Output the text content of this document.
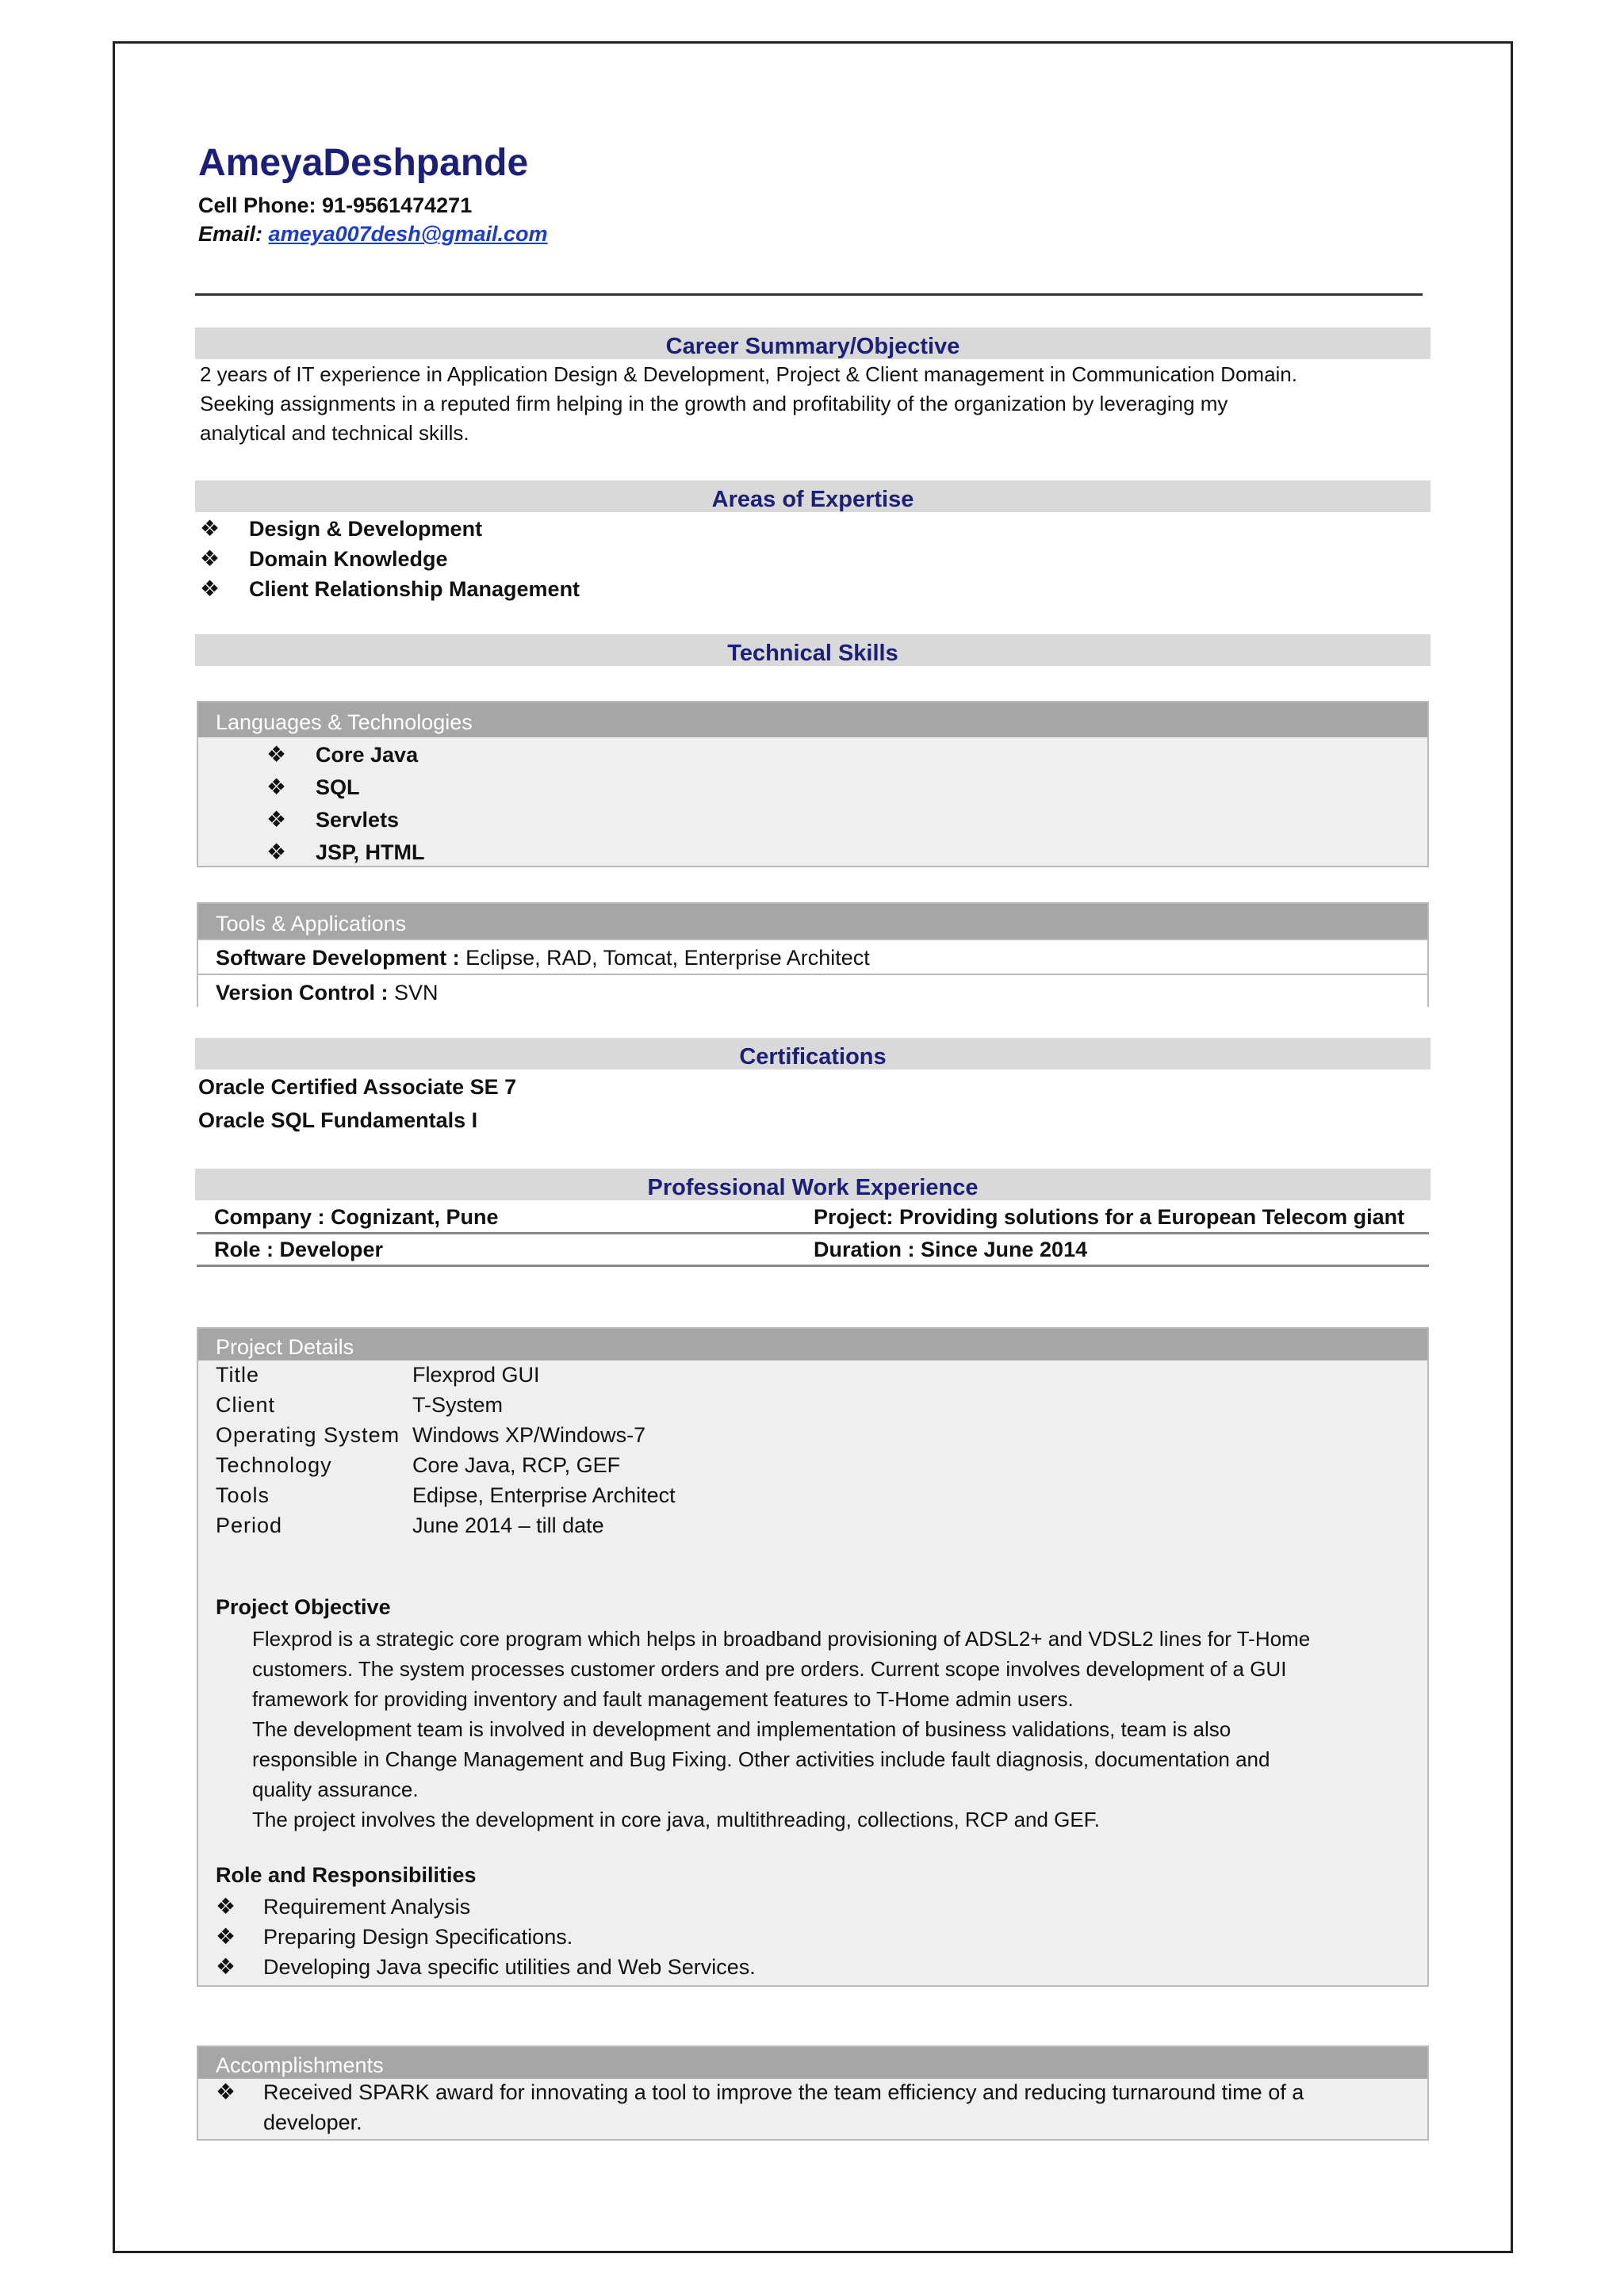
AmeyaDeshpande
Cell Phone: 91-9561474271
Email: ameya007desh@gmail.com
Career Summary/Objective
2 years of IT experience in Application Design & Development, Project & Client management in Communication Domain.
Seeking assignments in a reputed firm helping in the growth and profitability of the organization by leveraging my
analytical and technical skills.
Areas of Expertise
❖ Design & Development
❖ Domain Knowledge
❖ Client Relationship Management
Technical Skills
Languages & Technologies
❖ Core Java
❖ SQL
❖ Servlets
❖ JSP, HTML
Tools & Applications
Software Development : Eclipse, RAD, Tomcat, Enterprise Architect
Version Control : SVN
Certifications
Oracle Certified Associate SE 7
Oracle SQL Fundamentals I
Professional Work Experience
Company : Cognizant, Pune	Project: Providing solutions for a European Telecom giant
Role : Developer	Duration : Since June 2014
Project Details
Title	Flexprod GUI
Client	T-System
Operating System Windows XP/Windows-7
Technology	Core Java, RCP, GEF
Tools	Edipse, Enterprise Architect
Period	June 2014 – till date
Project Objective
Flexprod is a strategic core program which helps in broadband provisioning of ADSL2+ and VDSL2 lines for T-Home
customers. The system processes customer orders and pre orders. Current scope involves development of a GUI
framework for providing inventory and fault management features to T-Home admin users.
The development team is involved in development and implementation of business validations, team is also
responsible in Change Management and Bug Fixing. Other activities include fault diagnosis, documentation and
quality assurance.
The project involves the development in core java, multithreading, collections, RCP and GEF.
Role and Responsibilities
❖ Requirement Analysis
❖ Preparing Design Specifications.
❖ Developing Java specific utilities and Web Services.
Accomplishments
❖ Received SPARK award for innovating a tool to improve the team efficiency and reducing turnaround time of a
developer.
